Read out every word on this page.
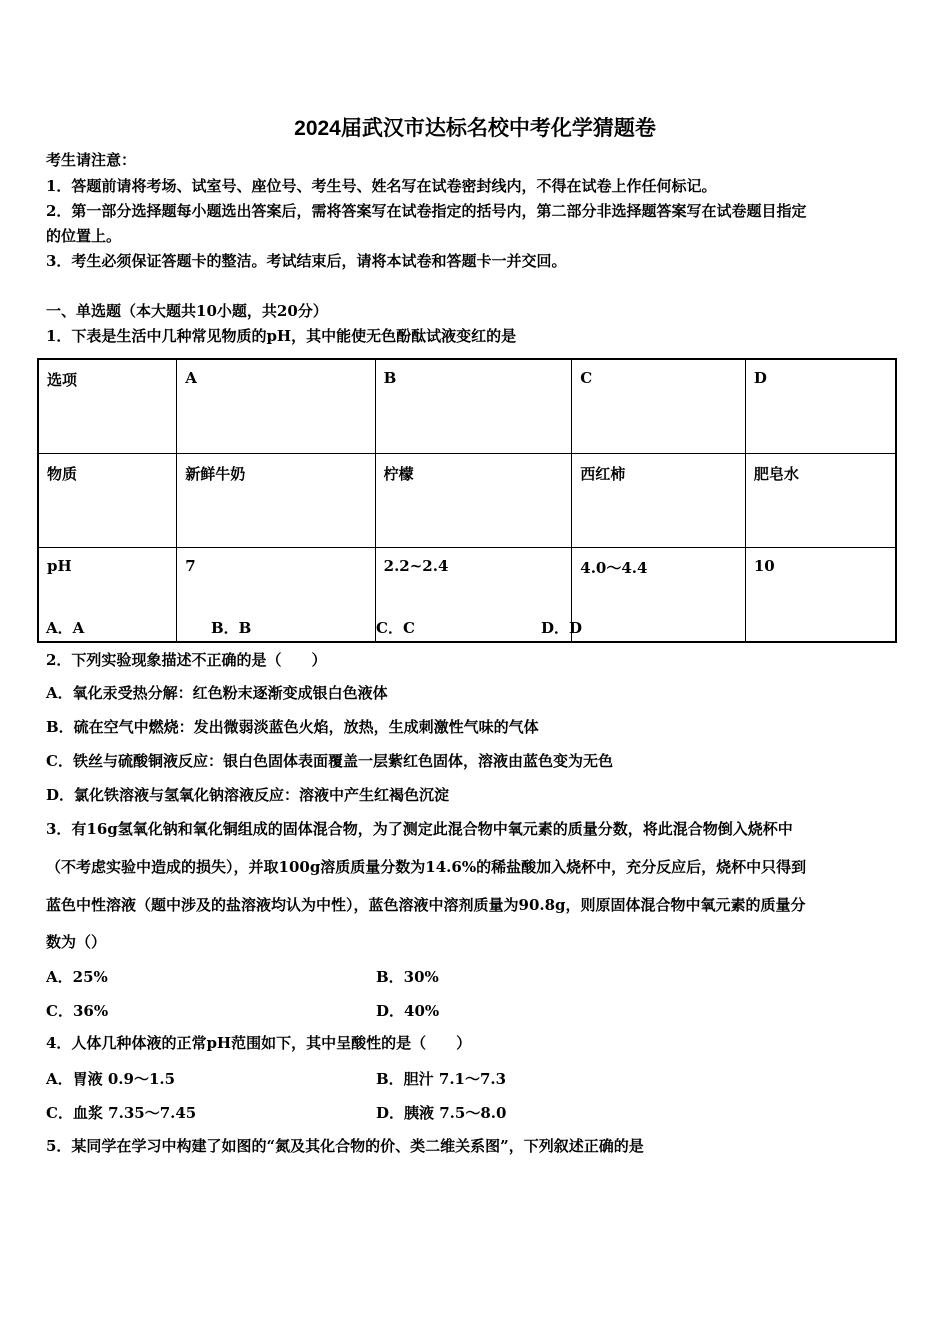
2024届武汉市达标名校中考化学猜题卷
考生请注意：
1．答题前请将考场、试室号、座位号、考生号、姓名写在试卷密封线内，不得在试卷上作任何标记。
2．第一部分选择题每小题选出答案后，需将答案写在试卷指定的括号内，第二部分非选择题答案写在试卷题目指定
的位置上。
3．考生必须保证答题卡的整洁。考试结束后，请将本试卷和答题卡一并交回。
一、单选题（本大题共10小题，共20分）
1．下表是生活中几种常见物质的pH，其中能使无色酚酞试液变红的是
选项	A	B	C	D
物质	新鲜牛奶	柠檬	西红柿	肥皂水
pH	7	2.2~2.4	4.0～4.4	10
A．A	B．B	C．C	D．D
2．下列实验现象描述不正确的是（　　）
A．氧化汞受热分解：红色粉末逐渐变成银白色液体
B．硫在空气中燃烧：发出微弱淡蓝色火焰，放热，生成刺激性气味的气体
C．铁丝与硫酸铜液反应：银白色固体表面覆盖一层紫红色固体，溶液由蓝色变为无色
D．氯化铁溶液与氢氧化钠溶液反应：溶液中产生红褐色沉淀
3．有16g氢氧化钠和氧化铜组成的固体混合物，为了测定此混合物中氧元素的质量分数，将此混合物倒入烧杯中
（不考虑实验中造成的损失），并取100g溶质质量分数为14.6%的稀盐酸加入烧杯中，充分反应后，烧杯中只得到
蓝色中性溶液（题中涉及的盐溶液均认为中性），蓝色溶液中溶剂质量为90.8g，则原固体混合物中氧元素的质量分
数为（）
A．25%	B．30%
C．36%	D．40%
4．人体几种体液的正常pH范围如下，其中呈酸性的是（　　）
A．胃液 0.9～1.5	B．胆汁 7.1～7.3
C．血浆 7.35～7.45	D．胰液 7.5～8.0
5．某同学在学习中构建了如图的“氮及其化合物的价、类二维关系图”，下列叙述正确的是
